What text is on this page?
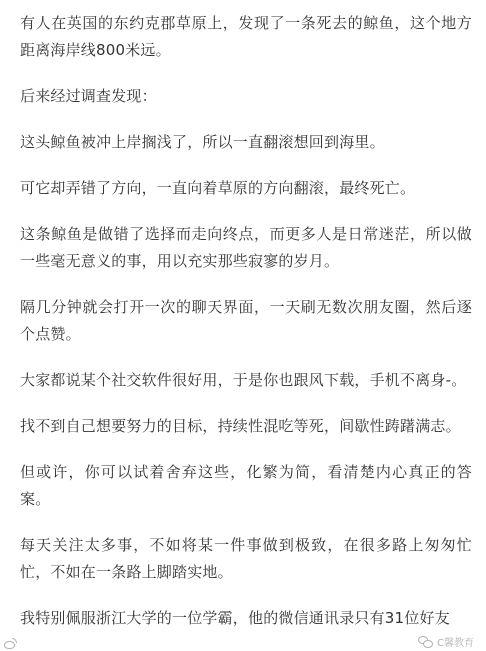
有人在英国的东约克郡草原上，发现了一条死去的鲸鱼，这个地方距离海岸线800米远。

后来经过调查发现：

这头鲸鱼被冲上岸搁浅了，所以一直翻滚想回到海里。

可它却弄错了方向，一直向着草原的方向翻滚，最终死亡。

这条鲸鱼是做错了选择而走向终点，而更多人是日常迷茫，所以做一些毫无意义的事，用以充实那些寂寥的岁月。

隔几分钟就会打开一次的聊天界面，一天刷无数次朋友圈，然后逐个点赞。

大家都说某个社交软件很好用，于是你也跟风下载，手机不离身-。

找不到自己想要努力的目标，持续性混吃等死，间歇性踌躇满志。

但或许，你可以试着舍弃这些，化繁为简，看清楚内心真正的答案。

每天关注太多事，不如将某一件事做到极致，在很多路上匆匆忙忙，不如在一条路上脚踏实地。

我特别佩服浙江大学的一位学霸，他的微信通讯录只有31位好友

C馨教育
